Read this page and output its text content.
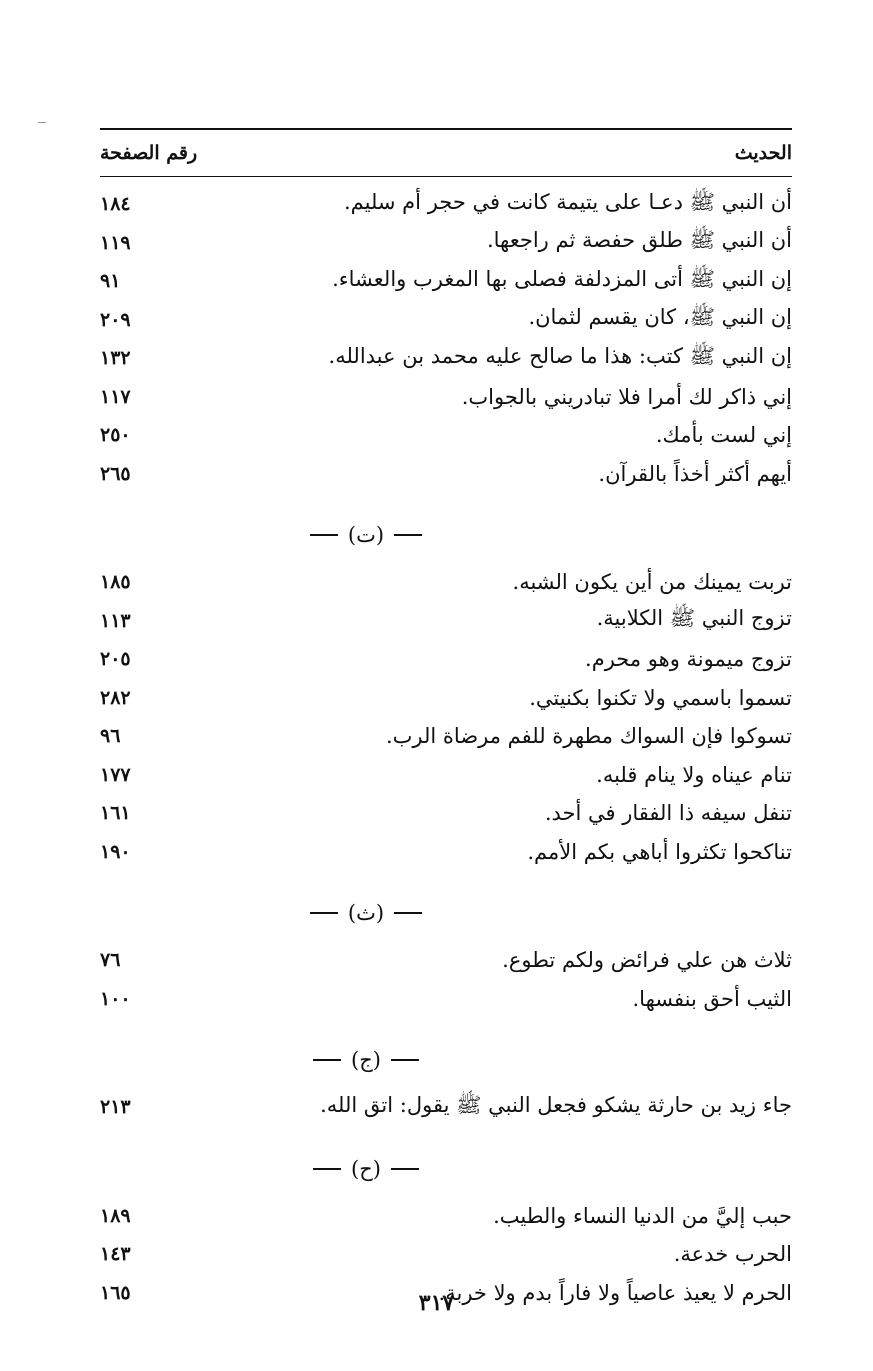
الحديث
رقم الصفحة
أن النبي ﷺ دعـا على يتيمة كانت في حجر أم سليم.
١٨٤
أن النبي ﷺ طلق حفصة ثم راجعها.
١١٩
إن النبي ﷺ أتى المزدلفة فصلى بها المغرب والعشاء.
٩١
إن النبي ﷺ، كان يقسم لثمان.
٢٠٩
إن النبي ﷺ كتب: هذا ما صالح عليه محمد بن عبدالله.
١٣٢
إني ذاكر لك أمرا فلا تبادريني بالجواب.
١١٧
إني لست بأمك.
٢٥٠
أيهم أكثر أخذاً بالقرآن.
٢٦٥
(ت)
تربت يمينك من أين يكون الشبه.
١٨٥
تزوج النبي ﷺ الكلابية.
١١٣
تزوج ميمونة وهو محرم.
٢٠٥
تسموا باسمي ولا تكنوا بكنيتي.
٢٨٢
تسوكوا فإن السواك مطهرة للفم مرضاة الرب.
٩٦
تنام عيناه ولا ينام قلبه.
١٧٧
تنفل سيفه ذا الفقار في أحد.
١٦١
تناكحوا تكثروا أباهي بكم الأمم.
١٩٠
(ث)
ثلاث هن علي فرائض ولكم تطوع.
٧٦
الثيب أحق بنفسها.
١٠٠
(ج)
جاء زيد بن حارثة يشكو فجعل النبي ﷺ يقول: اتق الله.
٢١٣
(ح)
حبب إليَّ من الدنيا النساء والطيب.
١٨٩
الحرب خدعة.
١٤٣
الحرم لا يعيذ عاصياً ولا فاراً بدم ولا خربة.
١٦٥	٣١٧
